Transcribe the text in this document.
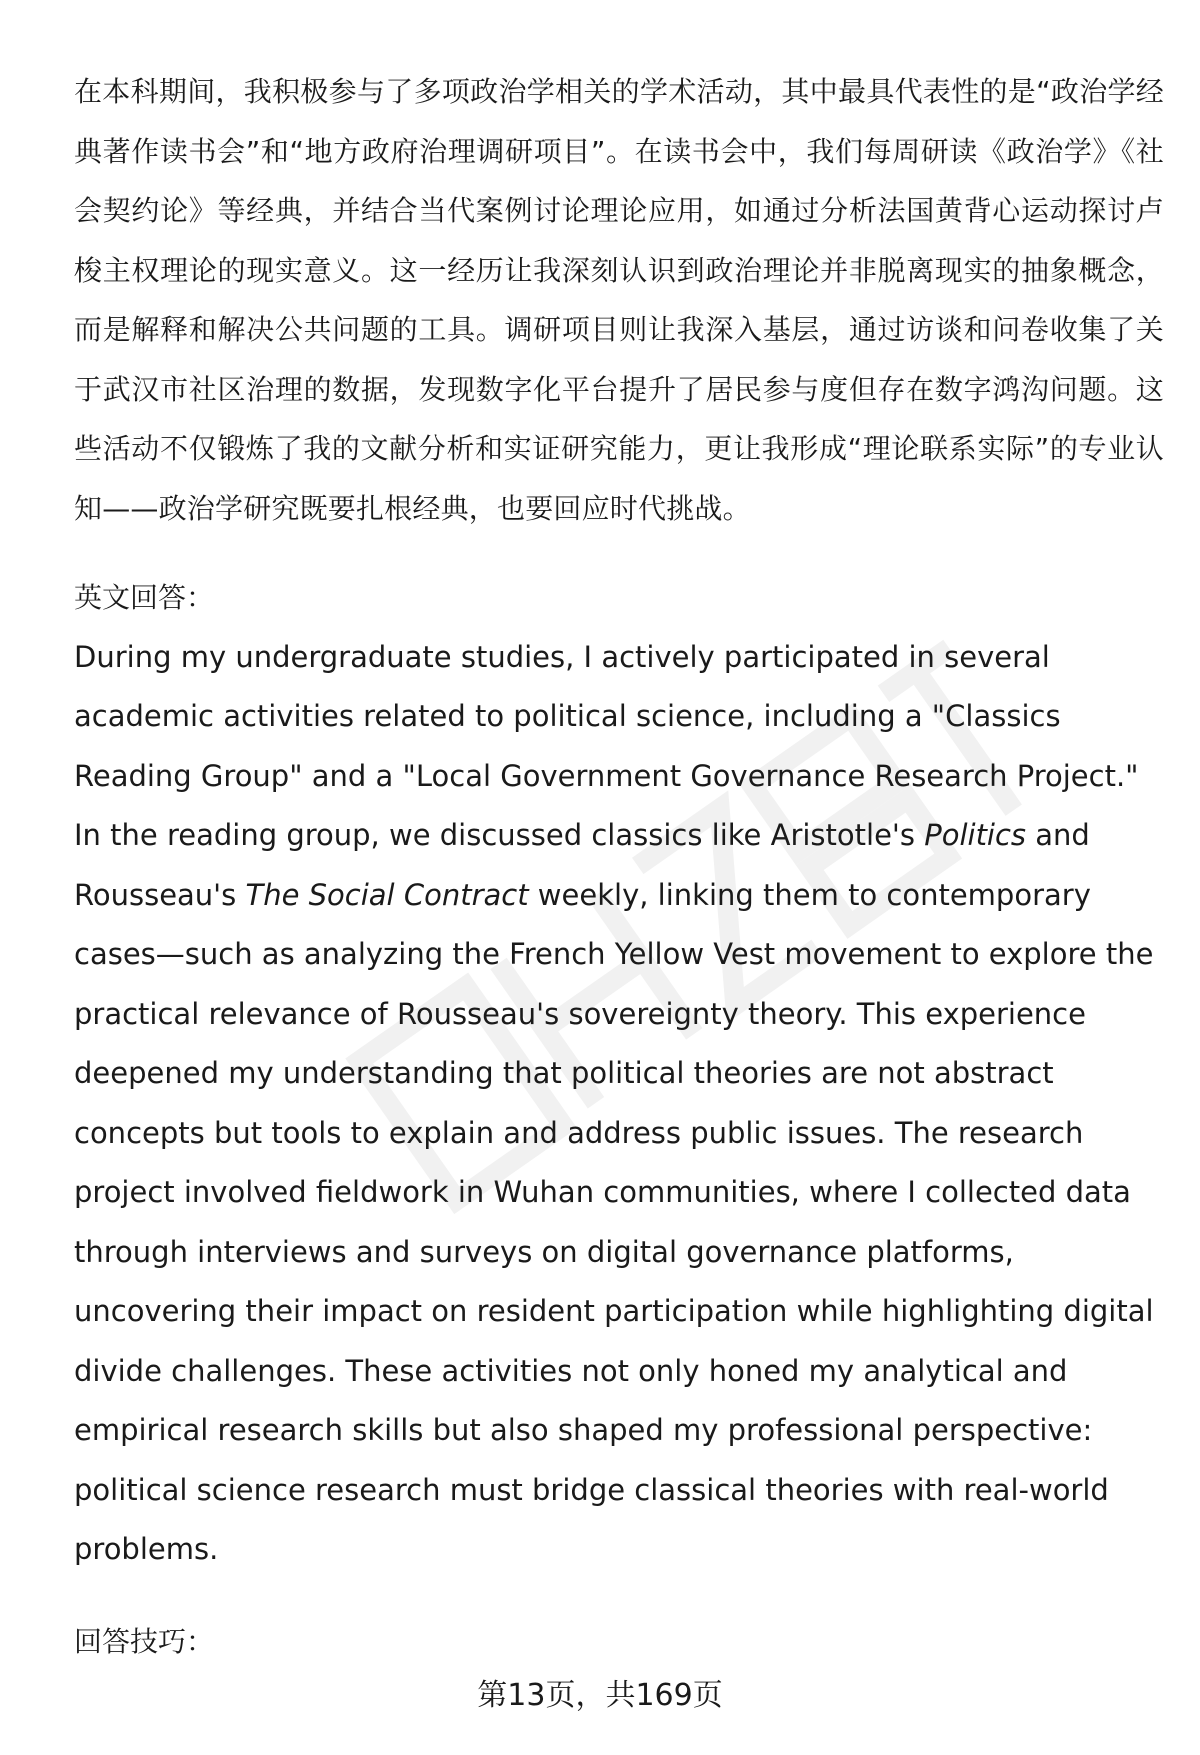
在本科期间，我积极参与了多项政治学相关的学术活动，其中最具代表性的是“政治学经典著作读书会”和“地方政府治理调研项目”。在读书会中，我们每周研读《政治学》《社会契约论》等经典，并结合当代案例讨论理论应用，如通过分析法国黄背心运动探讨卢梭主权理论的现实意义。这一经历让我深刻认识到政治理论并非脱离现实的抽象概念，而是解释和解决公共问题的工具。调研项目则让我深入基层，通过访谈和问卷收集了关于武汉市社区治理的数据，发现数字化平台提升了居民参与度但存在数字鸿沟问题。这些活动不仅锻炼了我的文献分析和实证研究能力，更让我形成“理论联系实际”的专业认知——政治学研究既要扎根经典，也要回应时代挑战。

英文回答：

During my undergraduate studies, I actively participated in several academic activities related to political science, including a "Classics Reading Group" and a "Local Government Governance Research Project." In the reading group, we discussed classics like Aristotle's Politics and Rousseau's The Social Contract weekly, linking them to contemporary cases—such as analyzing the French Yellow Vest movement to explore the practical relevance of Rousseau's sovereignty theory. This experience deepened my understanding that political theories are not abstract concepts but tools to explain and address public issues. The research project involved fieldwork in Wuhan communities, where I collected data through interviews and surveys on digital governance platforms, uncovering their impact on resident participation while highlighting digital divide challenges. These activities not only honed my analytical and empirical research skills but also shaped my professional perspective: political science research must bridge classical theories with real-world problems.

回答技巧：

第13页，共169页
